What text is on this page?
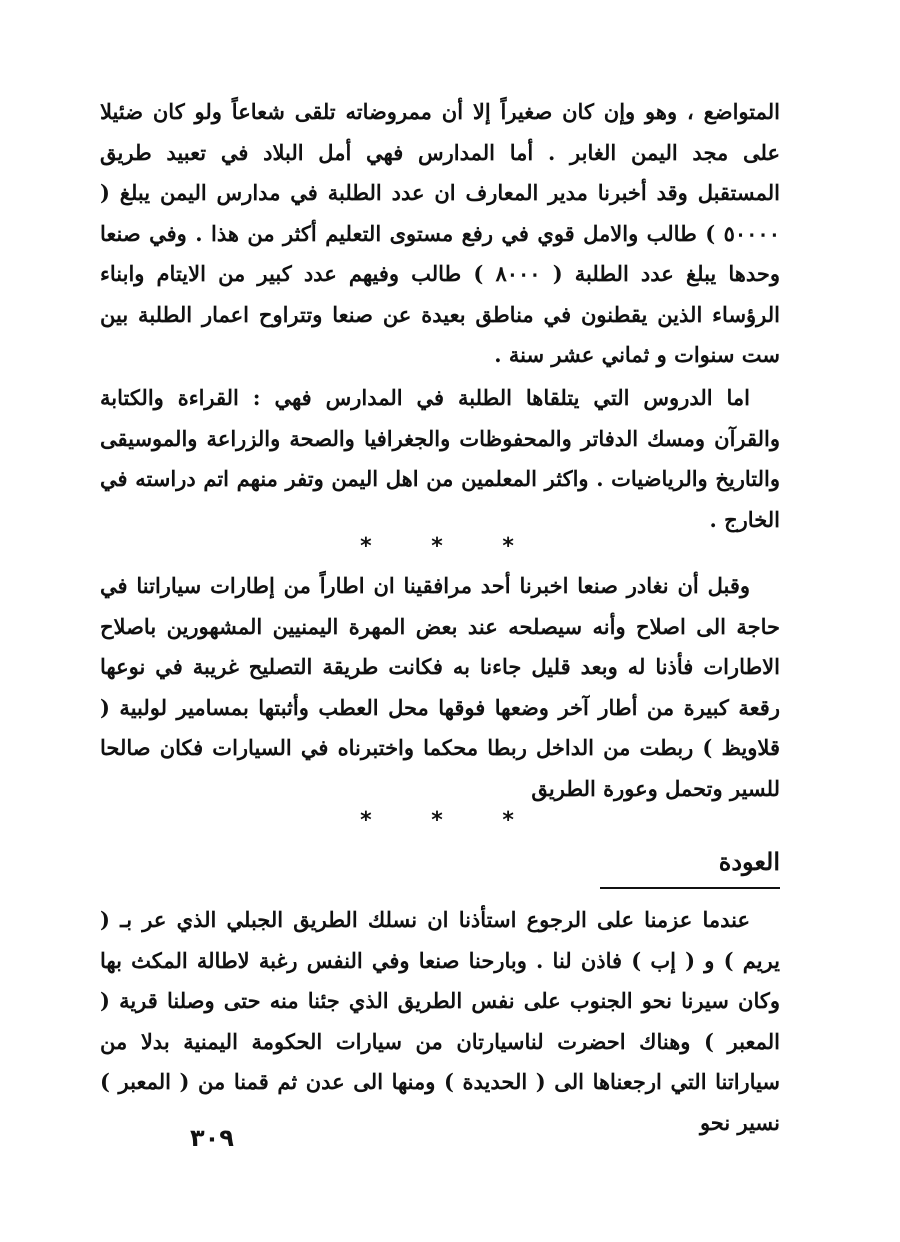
المتواضع ، وهو وإن كان صغيراً إلا أن ممروضاته تلقى شعاعاً ولو كان ضئيلا على مجد اليمن الغابر . أما المدارس فهي أمل البلاد في تعبيد طريق المستقبل وقد أخبرنا مدير المعارف ان عدد الطلبة في مدارس اليمن يبلغ ( ٥٠٠٠٠ ) طالب والامل قوي في رفع مستوى التعليم أكثر من هذا . وفي صنعا وحدها يبلغ عدد الطلبة ( ٨٠٠٠ ) طالب وفيهم عدد كبير من الايتام وابناء الرؤساء الذين يقطنون في مناطق بعيدة عن صنعا وتتراوح اعمار الطلبة بين ست سنوات و ثماني عشر سنة .

اما الدروس التي يتلقاها الطلبة في المدارس فهي : القراءة والكتابة والقرآن ومسك الدفاتر والمحفوظات والجغرافيا والصحة والزراعة والموسيقى والتاريخ والرياضيات . واكثر المعلمين من اهل اليمن وتفر منهم اتم دراسته في الخارج .

* * *

وقبل أن نغادر صنعا اخبرنا أحد مرافقينا ان اطاراً من إطارات سياراتنا في حاجة الى اصلاح وأنه سيصلحه عند بعض المهرة اليمنيين المشهورين باصلاح الاطارات فأذنا له وبعد قليل جاءنا به فكانت طريقة التصليح غريبة في نوعها رقعة كبيرة من أطار آخر وضعها فوقها محل العطب وأثبتها بمسامير لولبية ( قلاويظ ) ربطت من الداخل ربطا محكما واختبرناه في السيارات فكان صالحا للسير وتحمل وعورة الطريق

* * *
العودة

عندما عزمنا على الرجوع استأذنا ان نسلك الطريق الجبلي الذي عر بـ ( يريم ) و ( إب ) فاذن لنا . وبارحنا صنعا وفي النفس رغبة لاطالة المكث بها وكان سيرنا نحو الجنوب على نفس الطريق الذي جئنا منه حتى وصلنا قرية ( المعبر ) وهناك احضرت لناسيارتان من سيارات الحكومة اليمنية بدلا من سياراتنا التي ارجعناها الى ( الحديدة ) ومنها الى عدن ثم قمنا من ( المعبر ) نسير نحو

٣٠٩
